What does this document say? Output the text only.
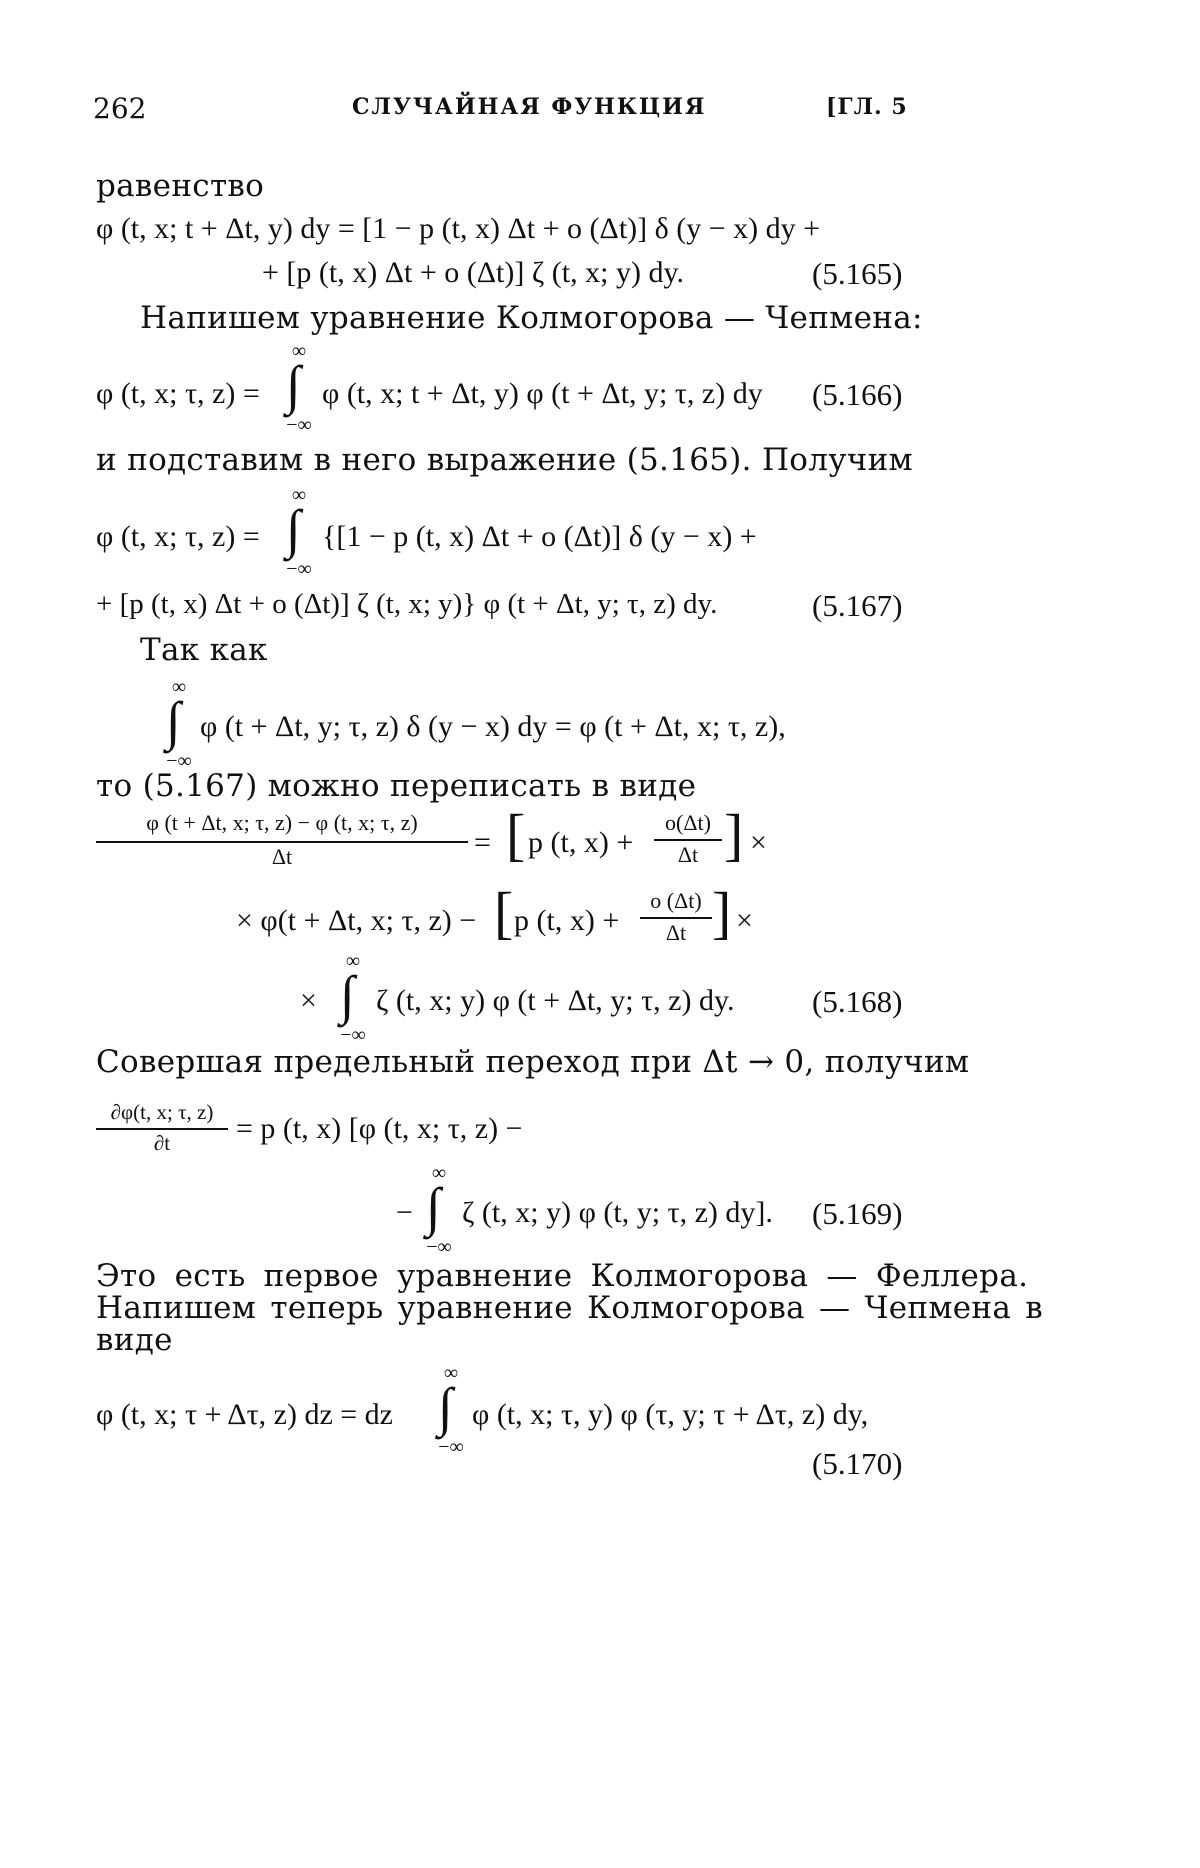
262	СЛУЧАЙНАЯ ФУНКЦИЯ	[ГЛ. 5
равенство
φ (t, x; t + Δt, y) dy = [1 − p (t, x) Δt + o (Δt)] δ (y − x) dy +
+ [p (t, x) Δt + o (Δt)] ζ (t, x; y) dy.	(5.165)
Напишем уравнение Колмогорова — Чепмена:
φ (t, x; τ, z) =
∞
∫
−∞
φ (t, x; t + Δt, y) φ (t + Δt, y; τ, z) dy (5.166)
и подставим в него выражение (5.165). Получим
φ (t, x; τ, z) =
∞
∫
−∞
{[1 − p (t, x) Δt + o (Δt)] δ (y − x) +
+ [p (t, x) Δt + o (Δt)] ζ (t, x; y)} φ (t + Δt, y; τ, z) dy.	(5.167)
Так как
∞
∫
−∞
φ (t + Δt, y; τ, z) δ (y − x) dy = φ (t + Δt, x; τ, z),
то (5.167) можно переписать в виде
φ (t + Δt, x; τ, z) − φ (t, x; τ, z)
Δt	= [ p (t, x) +
o(Δt)
Δt ] ×
× φ(t + Δt, x; τ, z) − [ p (t, x) +
o (Δt)
Δt ] ×
×
∞
∫
−∞
ζ (t, x; y) φ (t + Δt, y; τ, z) dy. (5.168)
Совершая предельный переход при Δt → 0, получим
∂φ(t, x; τ, z)
∂t	= p (t, x) [φ (t, x; τ, z) −
−
∞
∫
−∞
ζ (t, x; y) φ (t, y; τ, z) dy]. (5.169)
Это есть первое уравнение Колмогорова — Феллера.
Напишем теперь уравнение Колмогорова — Чепмена в
виде
φ (t, x; τ + Δτ, z) dz = dz
∞
∫
−∞
φ (t, x; τ, y) φ (τ, y; τ + Δτ, z) dy,
(5.170)
